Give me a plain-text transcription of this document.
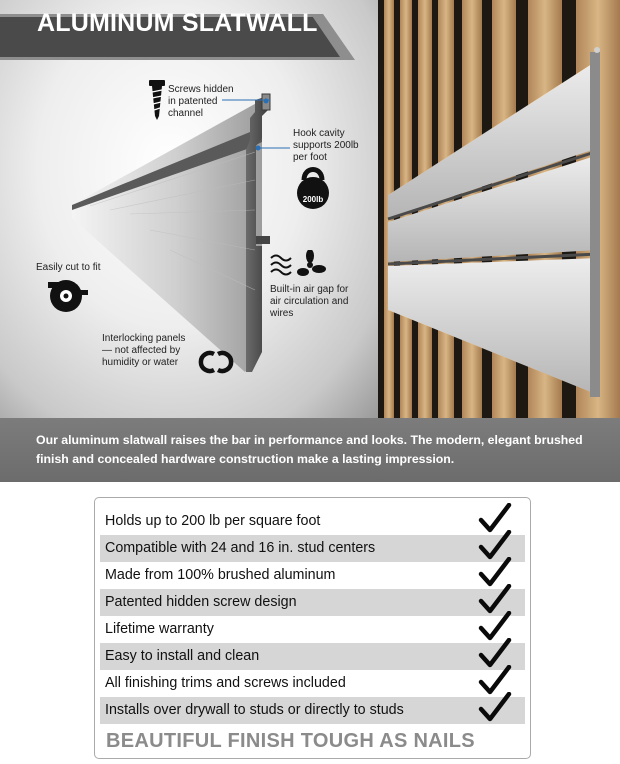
ALUMINUM SLATWALL
Screws hidden in patented channel
Hook cavity supports 200lb per foot
200lb
Easily cut to fit
Built-in air gap for air circulation and wires
Interlocking panels — not affected by humidity or water
Our aluminum slatwall raises the bar in performance and looks. The modern, elegant brushed finish and concealed hardware construction make a lasting impression.
Holds up to 200 lb per square foot
Compatible with 24 and 16 in. stud centers
Made from 100% brushed aluminum
Patented hidden screw design
Lifetime warranty
Easy to install and clean
All finishing trims and screws included
Installs over drywall to studs or directly to studs
BEAUTIFUL FINISH TOUGH AS NAILS
